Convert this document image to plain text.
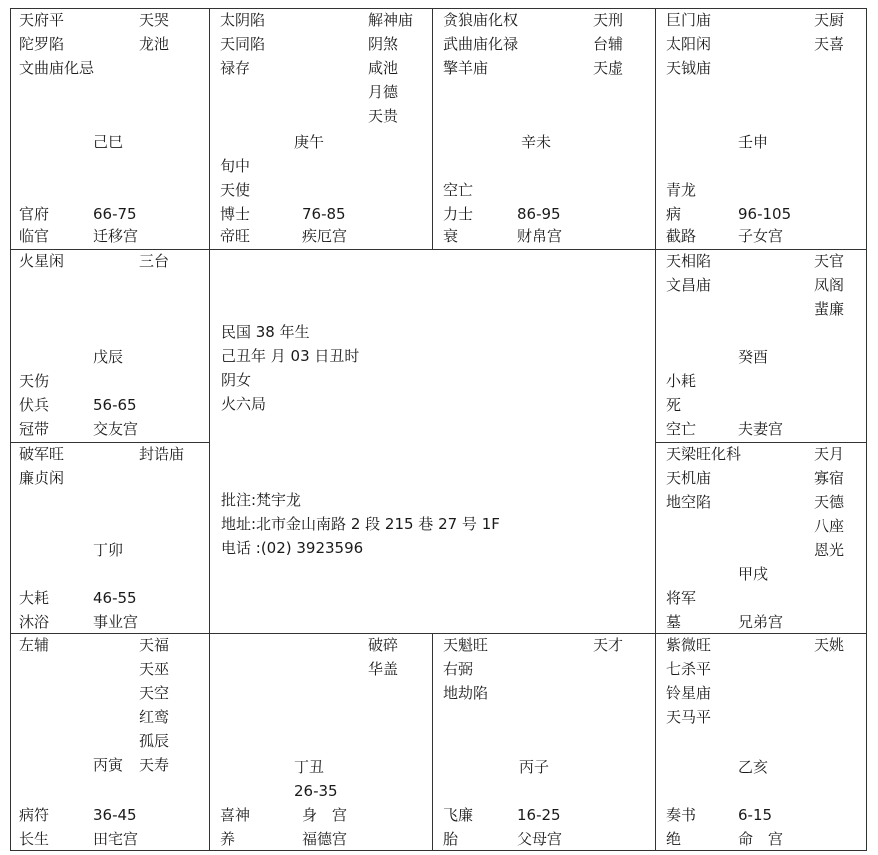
天府平
陀罗陷
文曲庙化忌
天哭
龙池
己巳
官府	66-75
临官	迁移宫
太阴陷
天同陷
禄存
解神庙
阴煞
咸池
月德
天贵
庚午
旬中
天使
博士	76-85
帝旺	疾厄宫
贪狼庙化权
武曲庙化禄
擎羊庙
天刑
台辅
天虚
辛未
空亡
力士	86-95
衰	财帛宫
巨门庙
太阳闲
天钺庙
天厨
天喜
壬申
青龙
病	96-105
截路	子女宫
火星闲	三台
戊辰
天伤
伏兵	56-65
冠带	交友宫
天相陷
文昌庙
天官
凤阁
蜚廉
癸酉
小耗
死
空亡	夫妻宫
破军旺
廉贞闲
封诰庙
丁卯
大耗	46-55
沐浴	事业宫
天梁旺化科
天机庙
地空陷
天月
寡宿
天德
八座
恩光
甲戌
将军
墓	兄弟宫
民国 38 年生
己丑年 月 03 日丑时
阴女
火六局
批注:梵宇龙
地址:北市金山南路 2 段 215 巷 27 号 1F
电话 :(02) 3923596
左辅	天福
天巫
天空
红鸾
孤辰
丙寅 天寿
病符	36-45
长生	田宅宫
破碎
华盖
丁丑
26-35
喜神	身　宫
养	福德宫
天魁旺
右弼
地劫陷
天才
丙子
飞廉	16-25
胎	父母宫
紫微旺
七杀平
铃星庙
天马平
天姚
乙亥
奏书	6-15
绝	命　宫
